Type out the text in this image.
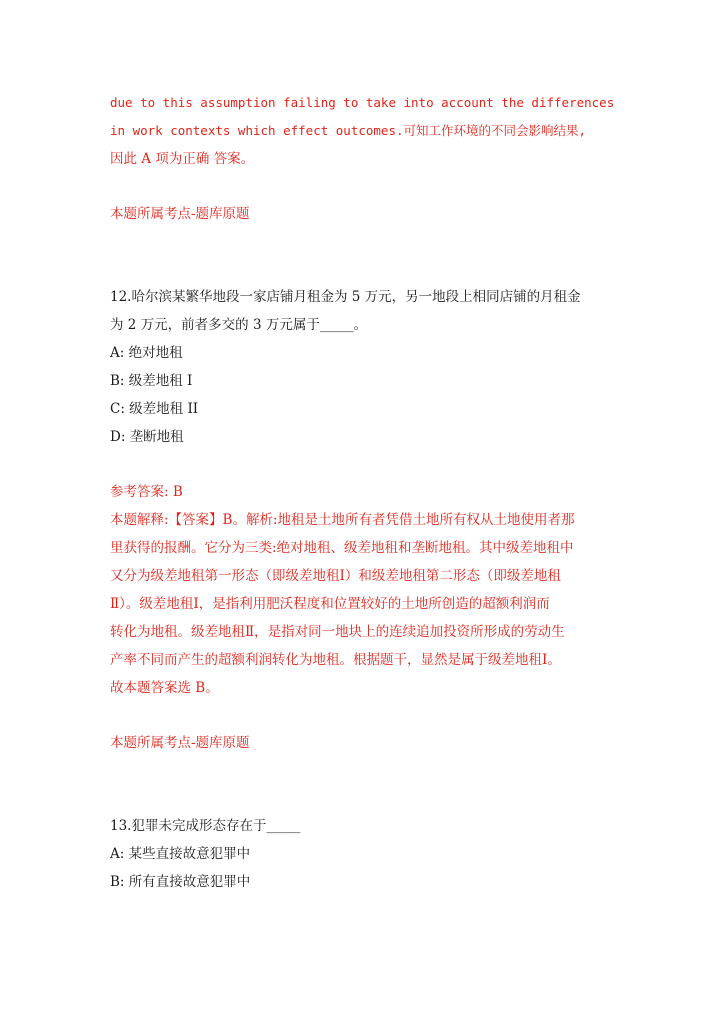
due to this assumption failing to take into account the differences

in work contexts which effect outcomes.可知工作环境的不同会影响结果,

因此 A 项为正确 答案。

本题所属考点-题库原题

12.哈尔滨某繁华地段一家店铺月租金为 5 万元，另一地段上相同店铺的月租金

为 2 万元，前者多交的 3 万元属于_____。

A: 绝对地租

B: 级差地租 I

C: 级差地租 II

D: 垄断地租

参考答案: B

本题解释:【答案】B。解析:地租是土地所有者凭借土地所有权从土地使用者那

里获得的报酬。它分为三类:绝对地租、级差地租和垄断地租。其中级差地租中

又分为级差地租第一形态（即级差地租Ⅰ）和级差地租第二形态（即级差地租

Ⅱ）。级差地租Ⅰ，是指利用肥沃程度和位置较好的土地所创造的超额利润而

转化为地租。级差地租Ⅱ，是指对同一地块上的连续追加投资所形成的劳动生

产率不同而产生的超额利润转化为地租。根据题干，显然是属于级差地租Ⅰ。

故本题答案选 B。

本题所属考点-题库原题

13.犯罪未完成形态存在于_____

A: 某些直接故意犯罪中

B: 所有直接故意犯罪中
